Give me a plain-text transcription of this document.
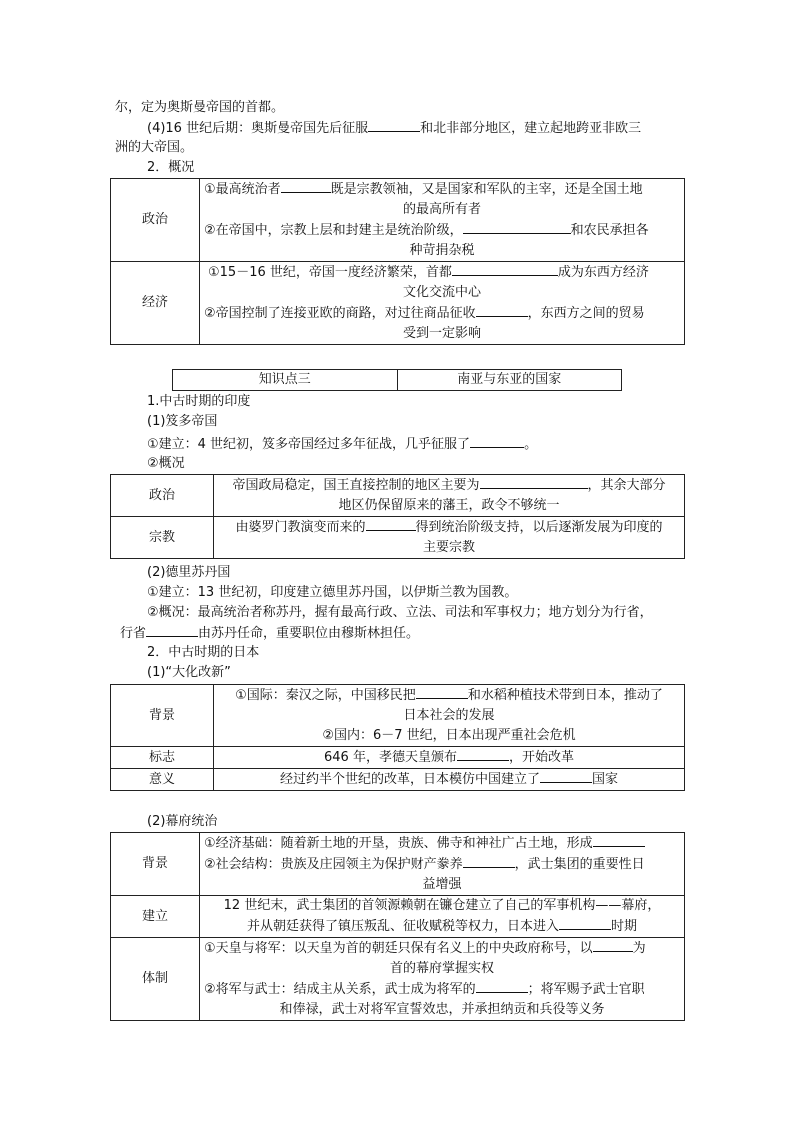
尔，定为奥斯曼帝国的首都。
(4)16 世纪后期：奥斯曼帝国先后征服	和北非部分地区，建立起地跨亚非欧三
洲的大帝国。
2．概况
政治	①最高统治者 既是宗教领袖，又是国家和军队的主宰，还是全国土地
的最高所有者
②在帝国中，宗教上层和封建主是统治阶级， 和农民承担各
种苛捐杂税

经济	①15－16 世纪，帝国一度经济繁荣，首都 成为东西方经济
文化交流中心
②帝国控制了连接亚欧的商路，对过往商品征收 ，东西方之间的贸易
受到一定影响
知识点三	南亚与东亚的国家
1.中古时期的印度
(1)笈多帝国
①建立：4 世纪初，笈多帝国经过多年征战，几乎征服了	。
②概况
政治	帝国政局稳定，国王直接控制的地区主要为 ，其余大部分
地区仍保留原来的藩王，政令不够统一

宗教	由婆罗门教演变而来的 得到统治阶级支持，以后逐渐发展为印度的
主要宗教
(2)德里苏丹国
①建立：13 世纪初，印度建立德里苏丹国，以伊斯兰教为国教。
②概况：最高统治者称苏丹，握有最高行政、立法、司法和军事权力；地方划分为行省，
行省	由苏丹任命，重要职位由穆斯林担任。
2．中古时期的日本
(1)“大化改新”
背景	①国际：秦汉之际，中国移民把 和水稻种植技术带到日本，推动了
日本社会的发展
②国内：6－7 世纪，日本出现严重社会危机

标志	646 年，孝德天皇颁布 ，开始改革
意义	经过约半个世纪的改革，日本模仿中国建立了 国家
(2)幕府统治
背景	①经济基础：随着新土地的开垦，贵族、佛寺和神社广占土地，形成
②社会结构：贵族及庄园领主为保护财产豢养 ，武士集团的重要性日
益增强

建立	12 世纪末，武士集团的首领源赖朝在镰仓建立了自己的军事机构——幕府，
并从朝廷获得了镇压叛乱、征收赋税等权力，日本进入 时期

体制	①天皇与将军：以天皇为首的朝廷只保有名义上的中央政府称号，以 为
首的幕府掌握实权
②将军与武士：结成主从关系，武士成为将军的 ；将军赐予武士官职
和俸禄，武士对将军宣誓效忠，并承担纳贡和兵役等义务
